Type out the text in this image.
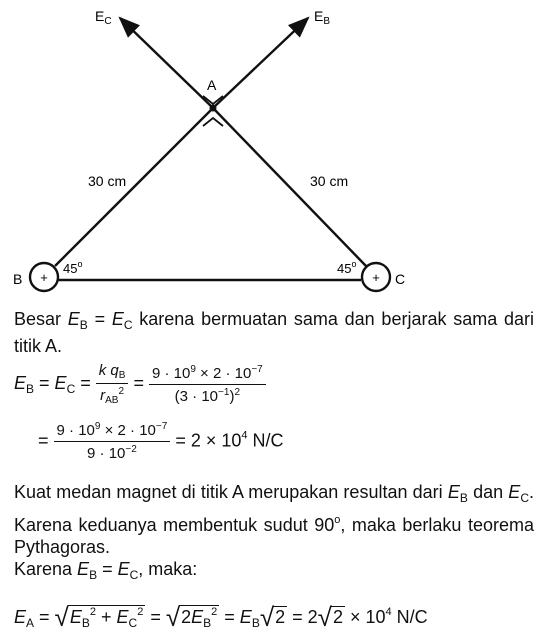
+	+
$E_C$	$E_B$
A
B	C
30 cm	30 cm
45$^o$	45$^o$

Besar $E_B = E_C$ karena bermuatan sama dan berjarak sama dari titik A.

$E_B = E_C = \frac{k q_B}{r_{AB}^2} = \frac{9 \cdot 10^9 \times 2 \cdot 10^{-7}}{(3 \cdot 10^{-1})^2}$
= $\frac{9 \cdot 10^9 \times 2 \cdot 10^{-7}}{9 \cdot 10^{-2}} = 2 \times 10^4$ N/C

Kuat medan magnet di titik A merupakan resultan dari $E_B$ dan $E_C$. Karena keduanya membentuk sudut 90$^o$, maka berlaku teorema Pythagoras.

Karena $E_B = E_C$, maka:

$E_A = √E_B^2 + E_C^2 = √2E_B^2 = E_B√2 = 2√2 \times 10^4$ N/C
